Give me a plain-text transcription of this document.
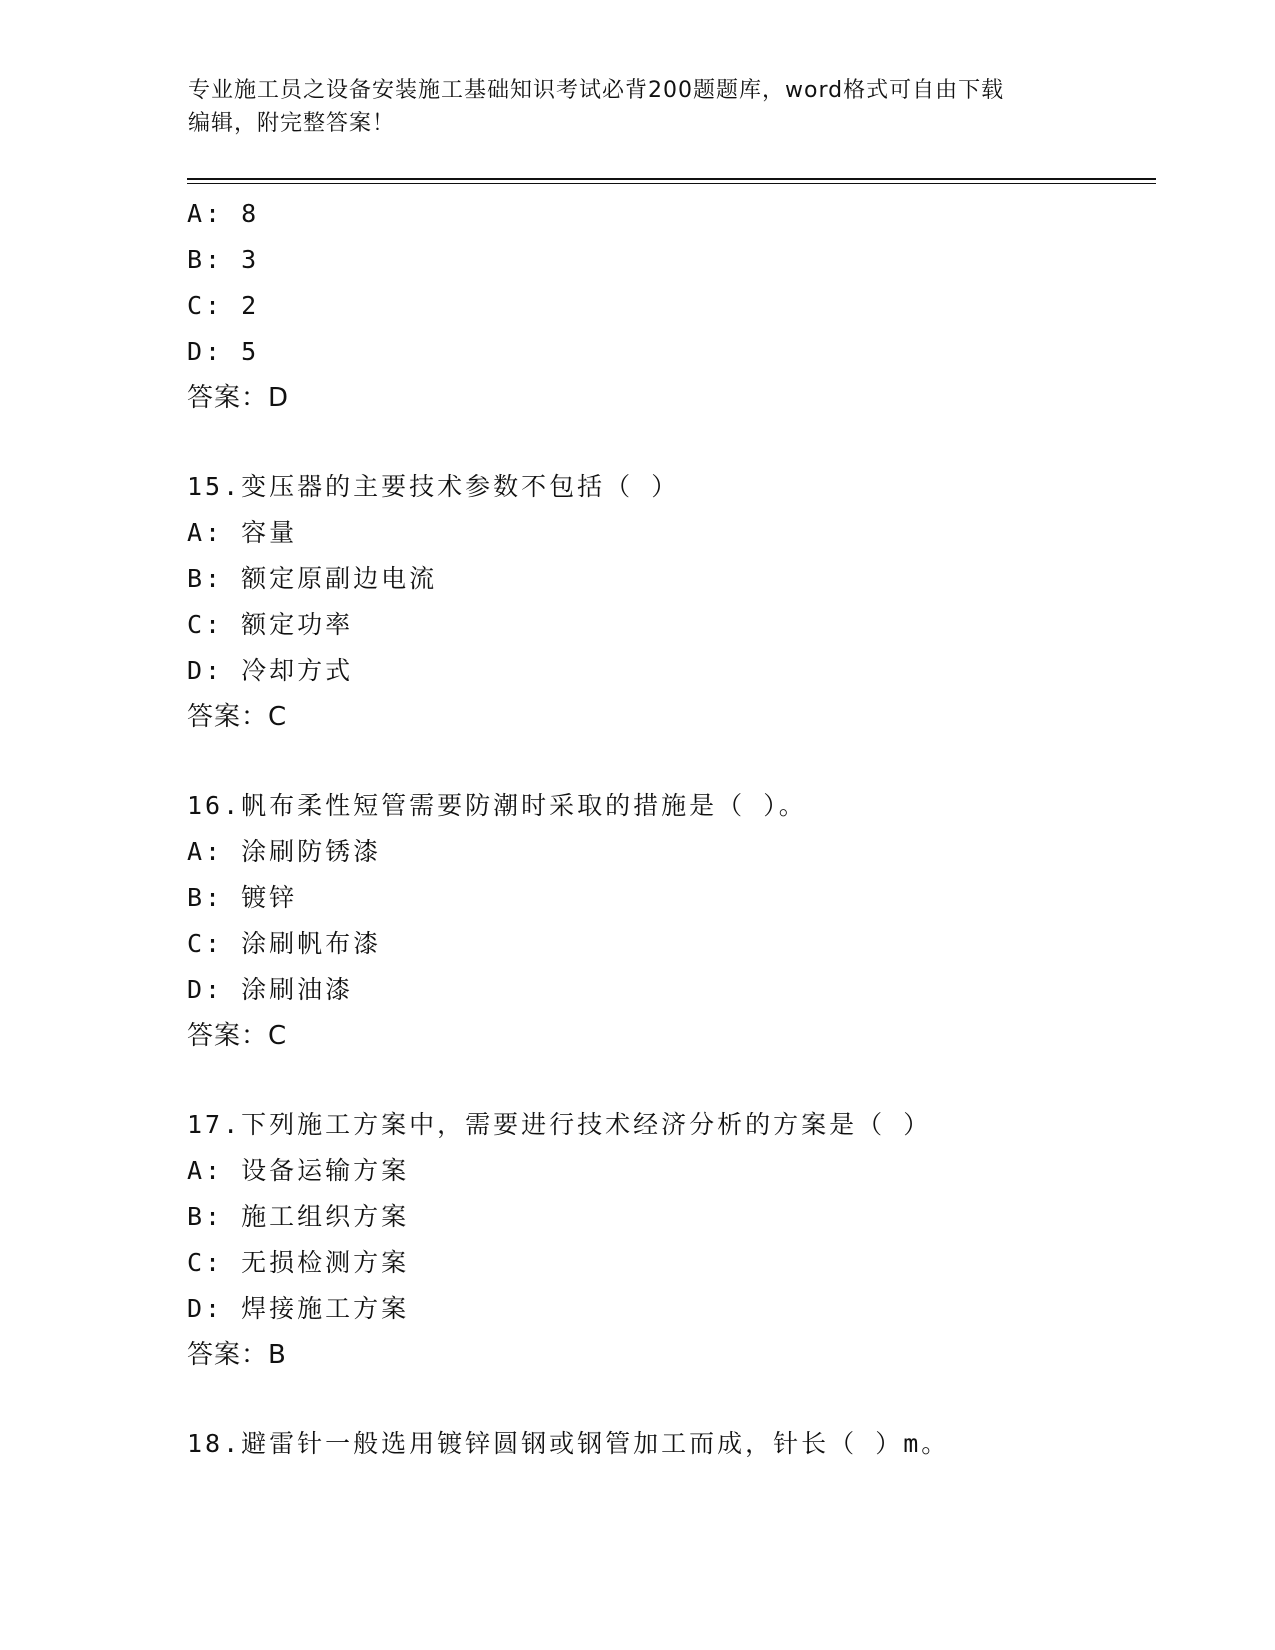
专业施工员之设备安装施工基础知识考试必背200题题库，word格式可自由下载
编辑，附完整答案！
A: 8
B: 3
C: 2
D: 5
答案：D
15.变压器的主要技术参数不包括（ ）
A: 容量
B: 额定原副边电流
C: 额定功率
D: 冷却方式
答案：C
16.帆布柔性短管需要防潮时采取的措施是（ ）。
A: 涂刷防锈漆
B: 镀锌
C: 涂刷帆布漆
D: 涂刷油漆
答案：C
17.下列施工方案中，需要进行技术经济分析的方案是（ ）
A: 设备运输方案
B: 施工组织方案
C: 无损检测方案
D: 焊接施工方案
答案：B
18.避雷针一般选用镀锌圆钢或钢管加工而成，针长（ ）m。
